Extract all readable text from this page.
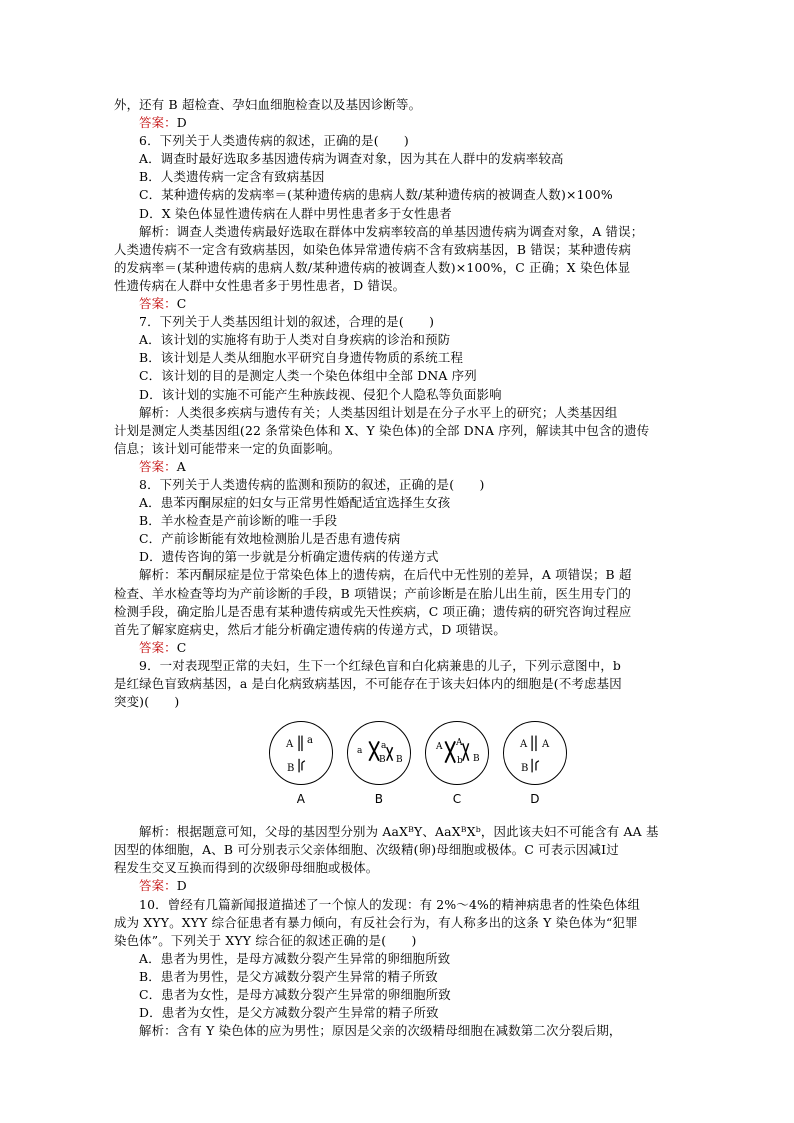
外，还有 B 超检查、孕妇血细胞检查以及基因诊断等。
答案：D
6．下列关于人类遗传病的叙述，正确的是(　　)
A．调查时最好选取多基因遗传病为调查对象，因为其在人群中的发病率较高
B．人类遗传病一定含有致病基因
C．某种遗传病的发病率＝(某种遗传病的患病人数/某种遗传病的被调查人数)×100%
D．X 染色体显性遗传病在人群中男性患者多于女性患者
解析：调查人类遗传病最好选取在群体中发病率较高的单基因遗传病为调查对象，A 错误；
人类遗传病不一定含有致病基因，如染色体异常遗传病不含有致病基因，B 错误；某种遗传病
的发病率＝(某种遗传病的患病人数/某种遗传病的被调查人数)×100%，C 正确；X 染色体显
性遗传病在人群中女性患者多于男性患者，D 错误。
答案：C
7．下列关于人类基因组计划的叙述，合理的是(　　)
A．该计划的实施将有助于人类对自身疾病的诊治和预防
B．该计划是人类从细胞水平研究自身遗传物质的系统工程
C．该计划的目的是测定人类一个染色体组中全部 DNA 序列
D．该计划的实施不可能产生种族歧视、侵犯个人隐私等负面影响
解析：人类很多疾病与遗传有关；人类基因组计划是在分子水平上的研究；人类基因组
计划是测定人类基因组(22 条常染色体和 X、Y 染色体)的全部 DNA 序列，解读其中包含的遗传
信息；该计划可能带来一定的负面影响。
答案：A
8．下列关于人类遗传病的监测和预防的叙述，正确的是(　　)
A．患苯丙酮尿症的妇女与正常男性婚配适宜选择生女孩
B．羊水检查是产前诊断的唯一手段
C．产前诊断能有效地检测胎儿是否患有遗传病
D．遗传咨询的第一步就是分析确定遗传病的传递方式
解析：苯丙酮尿症是位于常染色体上的遗传病，在后代中无性别的差异，A 项错误；B 超
检查、羊水检查等均为产前诊断的手段，B 项错误；产前诊断是在胎儿出生前，医生用专门的
检测手段，确定胎儿是否患有某种遗传病或先天性疾病，C 项正确；遗传病的研究咨询过程应
首先了解家庭病史，然后才能分析确定遗传病的传递方式，D 项错误。
答案：C
9．一对表现型正常的夫妇，生下一个红绿色盲和白化病兼患的儿子，下列示意图中，b
是红绿色盲致病基因，a 是白化病致病基因，不可能存在于该夫妇体内的细胞是(不考虑基因
突变)(　　)
A a
B
A
a a
B B
B
A A
b B
C
A A
B
D
解析：根据题意可知，父母的基因型分别为 AaXᴮY、AaXᴮXᵇ，因此该夫妇不可能含有 AA 基
因型的体细胞，A、B 可分别表示父亲体细胞、次级精(卵)母细胞或极体。C 可表示因减Ⅰ过
程发生交叉互换而得到的次级卵母细胞或极体。
答案：D
10．曾经有几篇新闻报道描述了一个惊人的发现：有 2%～4%的精神病患者的性染色体组
成为 XYY。XYY 综合征患者有暴力倾向，有反社会行为，有人称多出的这条 Y 染色体为“犯罪
染色体”。下列关于 XYY 综合征的叙述正确的是(　　)
A．患者为男性，是母方减数分裂产生异常的卵细胞所致
B．患者为男性，是父方减数分裂产生异常的精子所致
C．患者为女性，是母方减数分裂产生异常的卵细胞所致
D．患者为女性，是父方减数分裂产生异常的精子所致
解析：含有 Y 染色体的应为男性；原因是父亲的次级精母细胞在减数第二次分裂后期，
